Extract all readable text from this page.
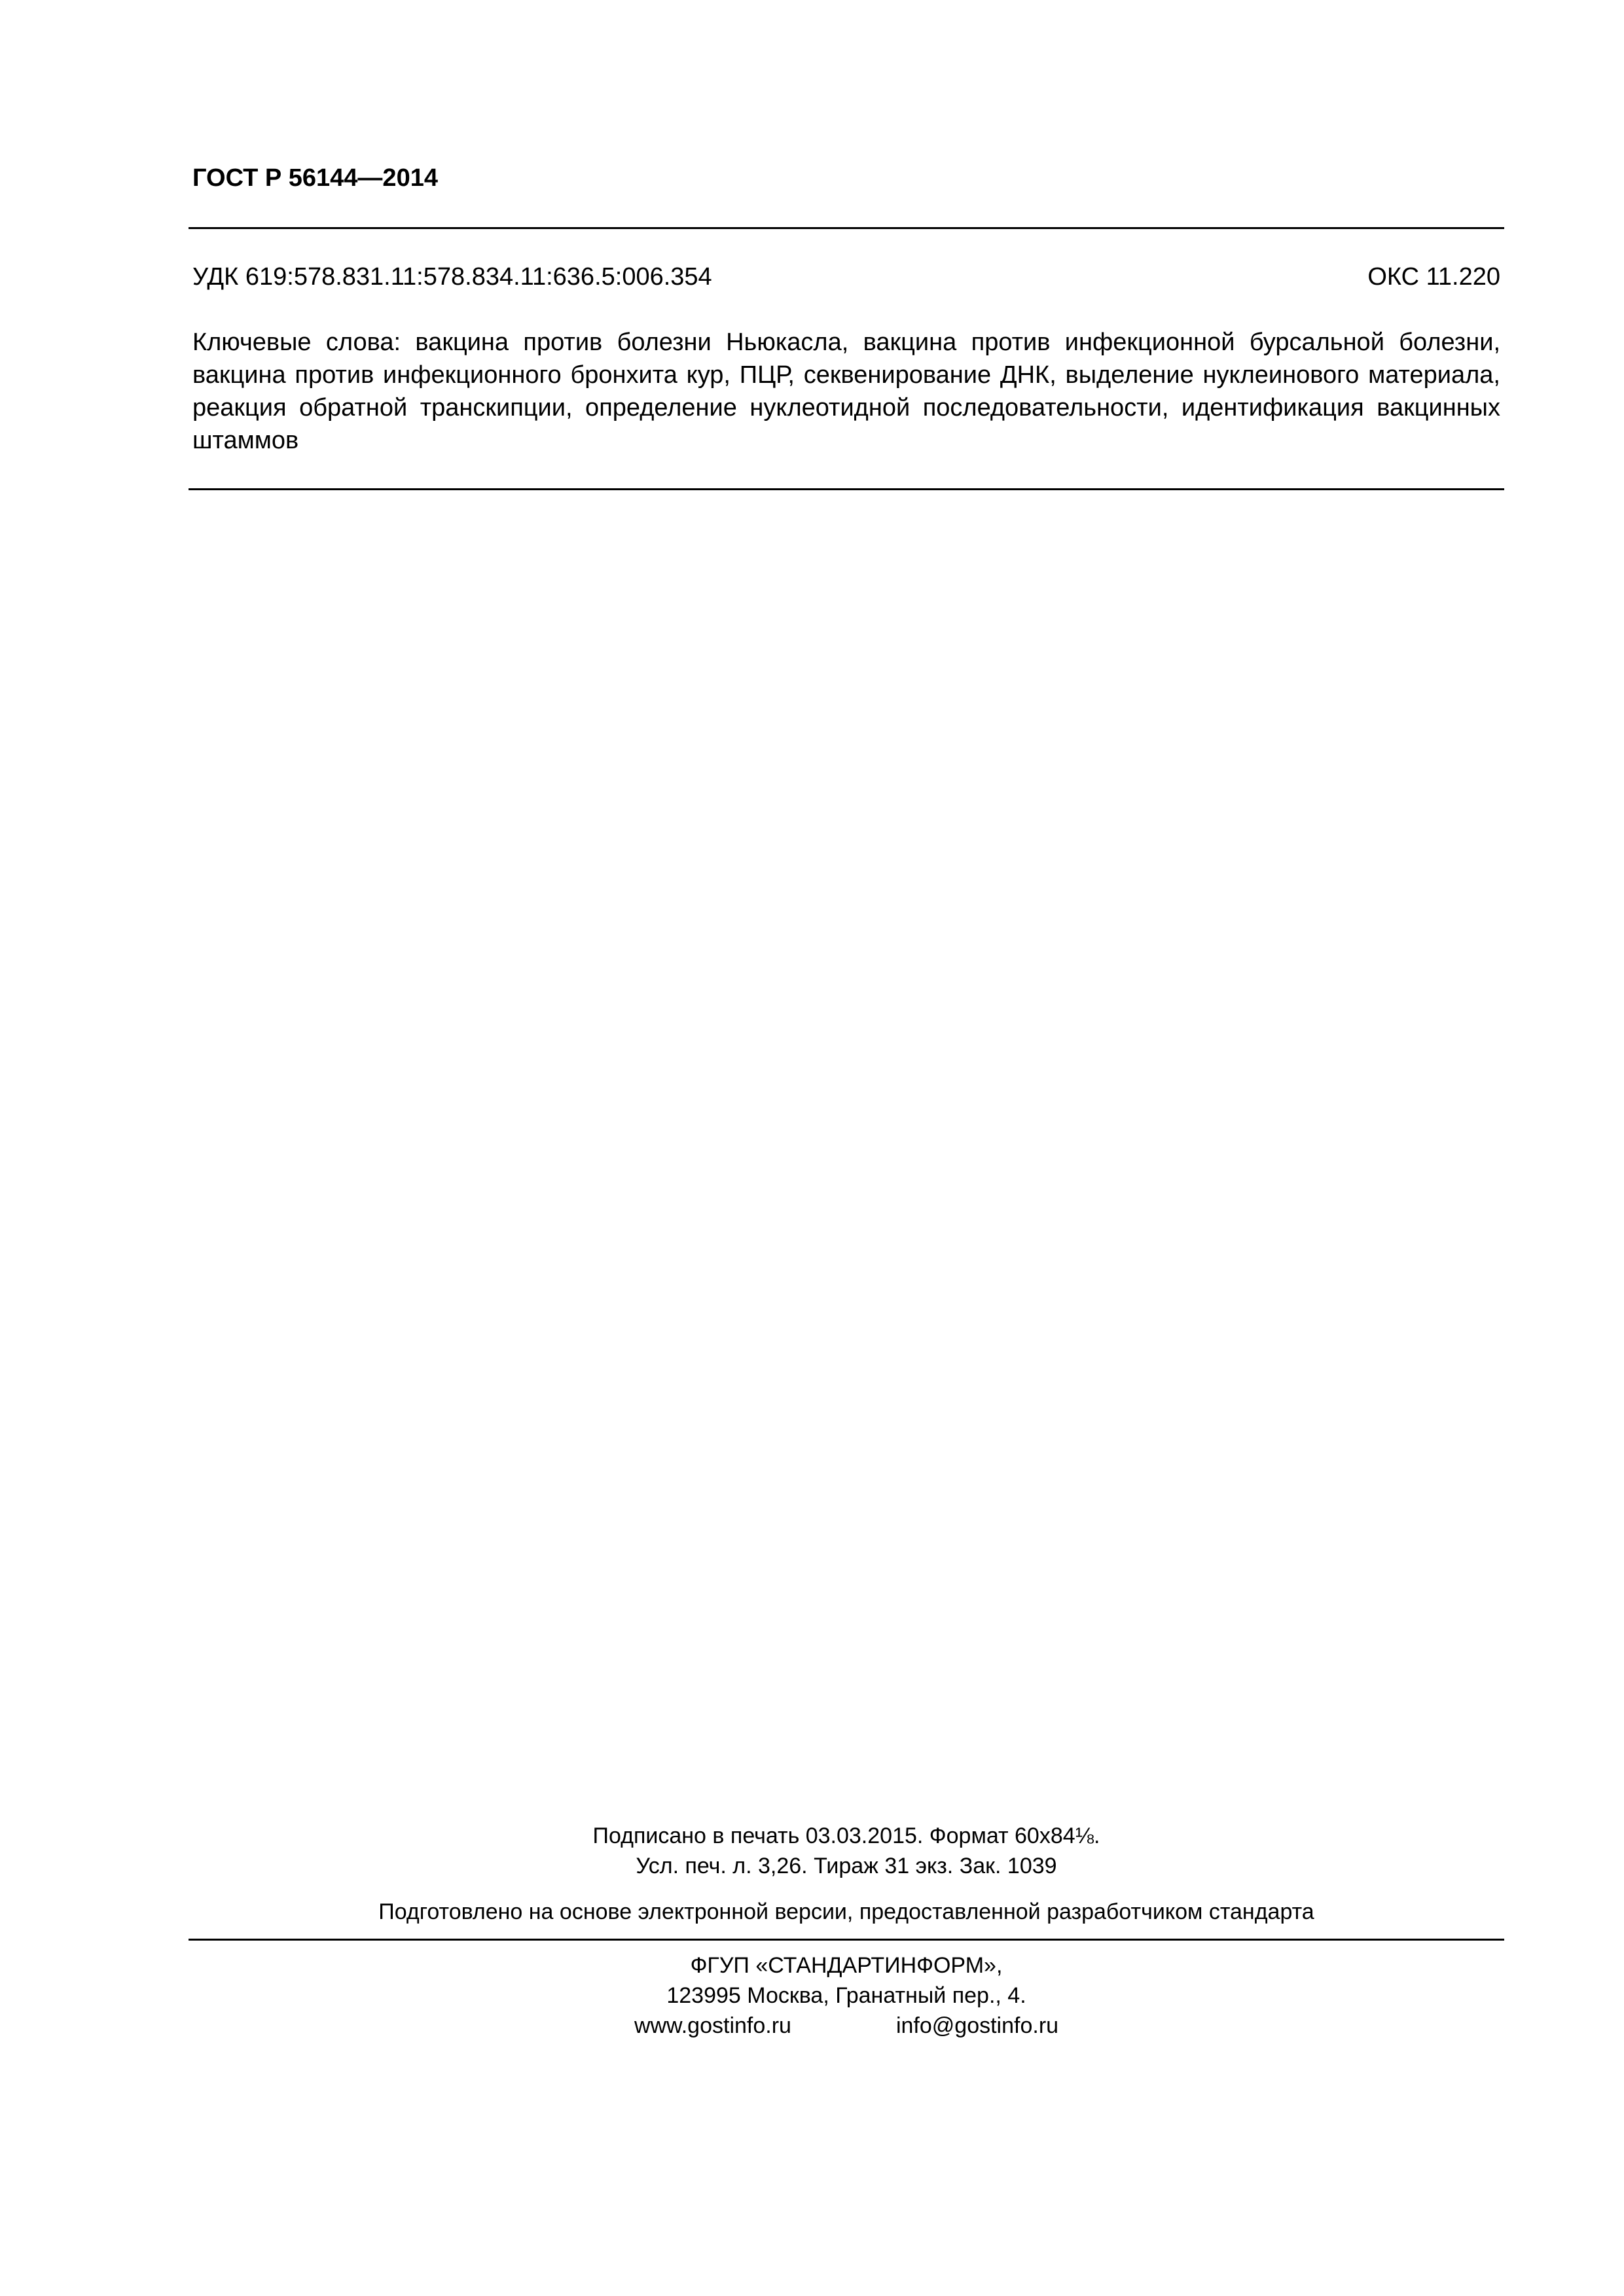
ГОСТ Р 56144—2014
УДК 619:578.831.11:578.834.11:636.5:006.354	ОКС 11.220

Ключевые слова: вакцина против болезни Ньюкасла, вакцина против инфекционной бурсальной болезни, вакцина против инфекционного бронхита кур, ПЦР, секвенирование ДНК, выделение нуклеинового материала, реакция обратной транскипции, определение нуклеотидной последовательности, идентификация вакцинных штаммов

Подписано в печать 03.03.2015. Формат 60x84⅛.
Усл. печ. л. 3,26. Тираж 31 экз. Зак. 1039
Подготовлено на основе электронной версии, предоставленной разработчиком стандарта
ФГУП «СТАНДАРТИНФОРМ»,
123995 Москва, Гранатный пер., 4.
www.gostinfo.ru	info@gostinfo.ru
